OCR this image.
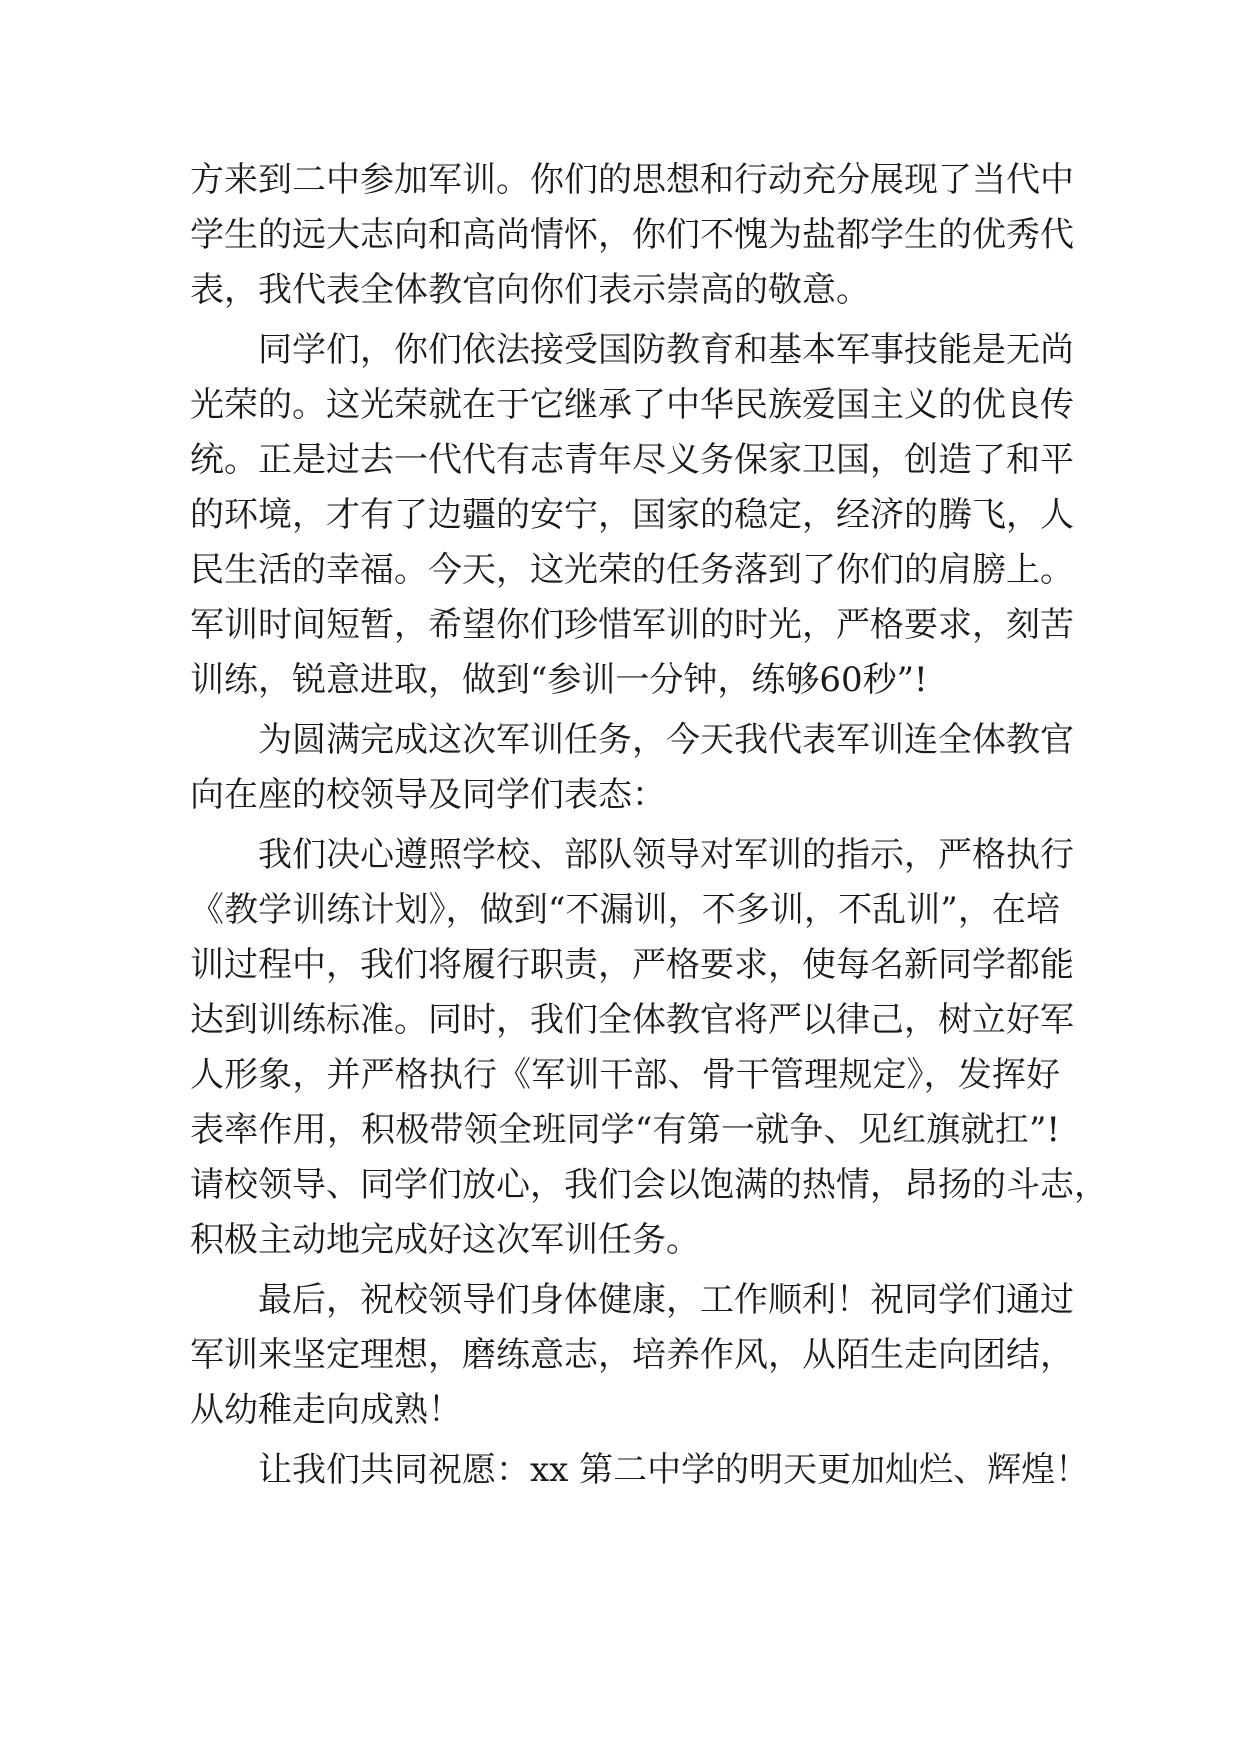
方来到二中参加军训。你们的思想和行动充分展现了当代中
学生的远大志向和高尚情怀，你们不愧为盐都学生的优秀代
表，我代表全体教官向你们表示崇高的敬意。
同学们，你们依法接受国防教育和基本军事技能是无尚
光荣的。这光荣就在于它继承了中华民族爱国主义的优良传
统。正是过去一代代有志青年尽义务保家卫国，创造了和平
的环境，才有了边疆的安宁，国家的稳定，经济的腾飞，人
民生活的幸福。今天，这光荣的任务落到了你们的肩膀上。
军训时间短暂，希望你们珍惜军训的时光，严格要求，刻苦
训练，锐意进取，做到“参训一分钟，练够60秒”!
为圆满完成这次军训任务，今天我代表军训连全体教官
向在座的校领导及同学们表态：
我们决心遵照学校、部队领导对军训的指示，严格执行
《教学训练计划》，做到“不漏训，不多训，不乱训”，在培
训过程中，我们将履行职责，严格要求，使每名新同学都能
达到训练标准。同时，我们全体教官将严以律己，树立好军
人形象，并严格执行《军训干部、骨干管理规定》，发挥好
表率作用，积极带领全班同学“有第一就争、见红旗就扛”!
请校领导、同学们放心，我们会以饱满的热情，昂扬的斗志，
积极主动地完成好这次军训任务。
最后，祝校领导们身体健康，工作顺利！祝同学们通过
军训来坚定理想，磨练意志，培养作风，从陌生走向团结，
从幼稚走向成熟！
让我们共同祝愿：xx 第二中学的明天更加灿烂、辉煌！
